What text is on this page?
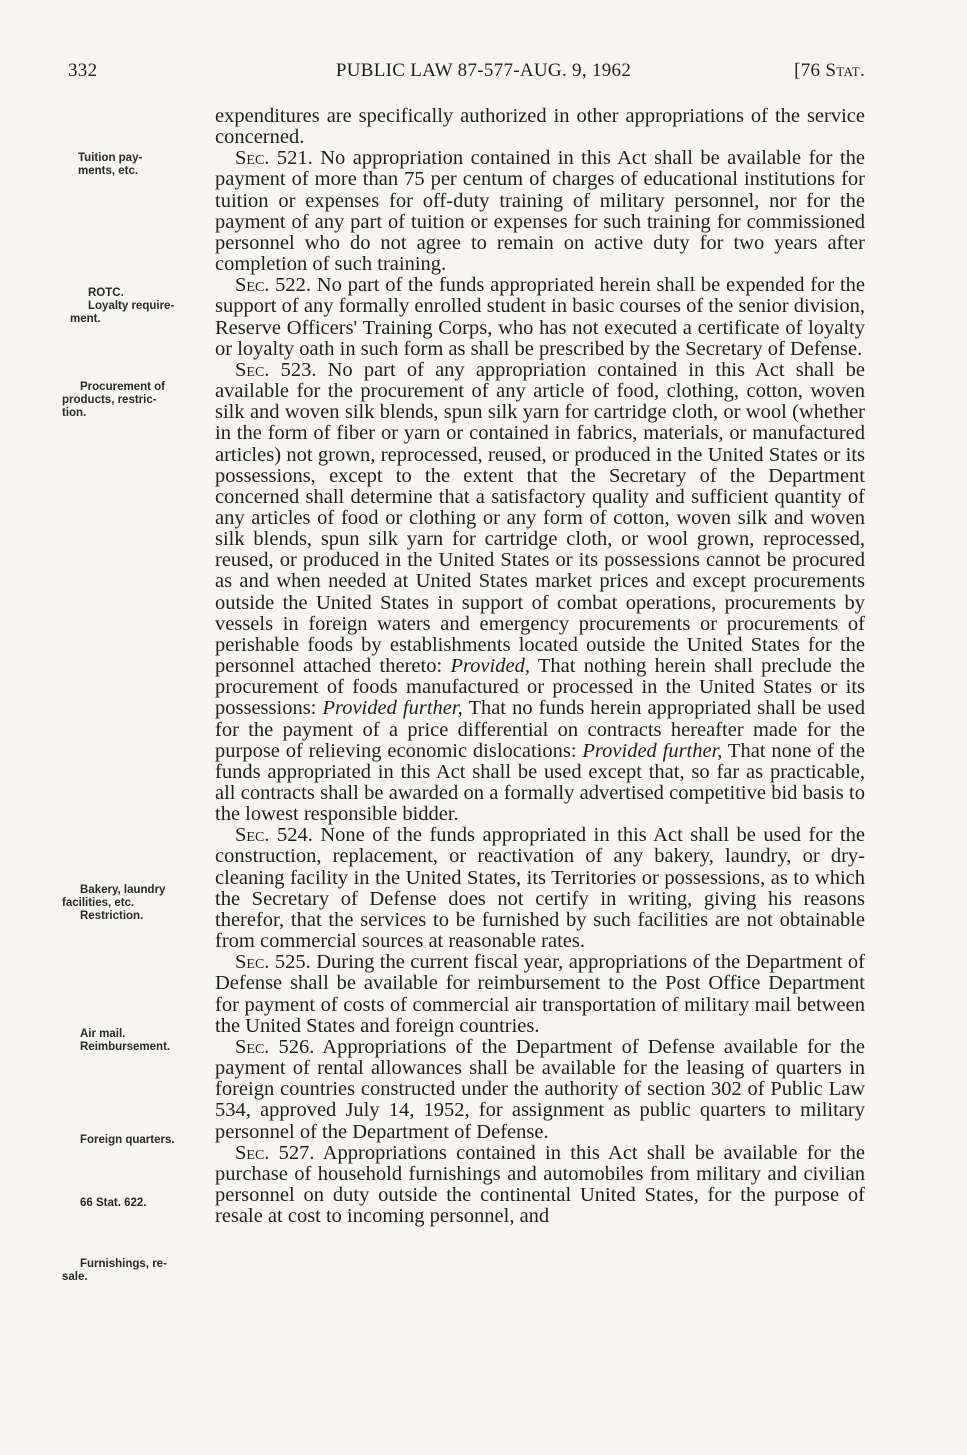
332	PUBLIC LAW 87-577-AUG. 9, 1962	[76 Stat.
Tuition pay-
ments, etc.
ROTC.
Loyalty require-
ment.
Procurement of
products, restric-
tion.
Bakery, laundry
facilities, etc.
Restriction.
Air mail.
Reimbursement.
Foreign quarters.
66 Stat. 622.
Furnishings, re-
sale.

expenditures are specifically authorized in other appropriations of the service concerned.

Sec. 521. No appropriation contained in this Act shall be available for the payment of more than 75 per centum of charges of educational institutions for tuition or expenses for off-duty training of military personnel, nor for the payment of any part of tuition or expenses for such training for commissioned personnel who do not agree to remain on active duty for two years after completion of such training.

Sec. 522. No part of the funds appropriated herein shall be expended for the support of any formally enrolled student in basic courses of the senior division, Reserve Officers' Training Corps, who has not executed a certificate of loyalty or loyalty oath in such form as shall be prescribed by the Secretary of Defense.

Sec. 523. No part of any appropriation contained in this Act shall be available for the procurement of any article of food, clothing, cotton, woven silk and woven silk blends, spun silk yarn for cartridge cloth, or wool (whether in the form of fiber or yarn or contained in fabrics, materials, or manufactured articles) not grown, reprocessed, reused, or produced in the United States or its possessions, except to the extent that the Secretary of the Department concerned shall determine that a satisfactory quality and sufficient quantity of any articles of food or clothing or any form of cotton, woven silk and woven silk blends, spun silk yarn for cartridge cloth, or wool grown, reprocessed, reused, or produced in the United States or its possessions cannot be procured as and when needed at United States market prices and except procurements outside the United States in support of combat operations, procurements by vessels in foreign waters and emergency procurements or procurements of perishable foods by establishments located outside the United States for the personnel attached thereto: Provided, That nothing herein shall preclude the procurement of foods manufactured or processed in the United States or its possessions: Provided further, That no funds herein appropriated shall be used for the payment of a price differential on contracts hereafter made for the purpose of relieving economic dislocations: Provided further, That none of the funds appropriated in this Act shall be used except that, so far as practicable, all contracts shall be awarded on a formally advertised competitive bid basis to the lowest responsible bidder.

Sec. 524. None of the funds appropriated in this Act shall be used for the construction, replacement, or reactivation of any bakery, laundry, or dry-cleaning facility in the United States, its Territories or possessions, as to which the Secretary of Defense does not certify in writing, giving his reasons therefor, that the services to be furnished by such facilities are not obtainable from commercial sources at reasonable rates.

Sec. 525. During the current fiscal year, appropriations of the Department of Defense shall be available for reimbursement to the Post Office Department for payment of costs of commercial air transportation of military mail between the United States and foreign countries.

Sec. 526. Appropriations of the Department of Defense available for the payment of rental allowances shall be available for the leasing of quarters in foreign countries constructed under the authority of section 302 of Public Law 534, approved July 14, 1952, for assignment as public quarters to military personnel of the Department of Defense.

Sec. 527. Appropriations contained in this Act shall be available for the purchase of household furnishings and automobiles from military and civilian personnel on duty outside the continental United States, for the purpose of resale at cost to incoming personnel, and
